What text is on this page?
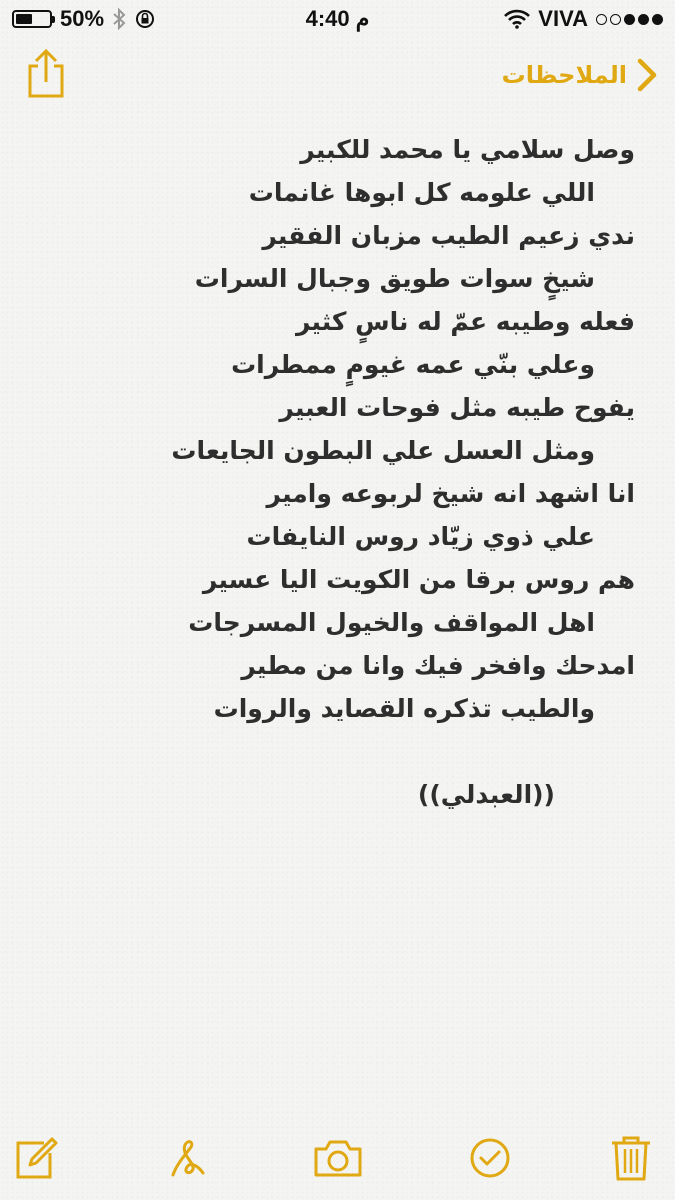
50%	4:40 م	VIVA
الملاحظات
وصل سلامي يا محمد للكبير
اللي علومه كل ابوها غانمات
ندي زعيم الطيب مزبان الفقير
شيخٍ سوات طويق وجبال السرات
فعله وطيبه عمّ له ناسٍ كثير
وعلي بنّي عمه غيومٍ ممطرات
يفوح طيبه مثل فوحات العبير
ومثل العسل علي البطون الجايعات
انا اشهد انه شيخ لربوعه وامير
علي ذوي زيّاد روس النايفات
هم روس برقا من الكويت اليا عسير
اهل المواقف والخيول المسرجات
امدحك وافخر فيك وانا من مطير
والطيب تذكره القصايد والروات
((العبدلي))
